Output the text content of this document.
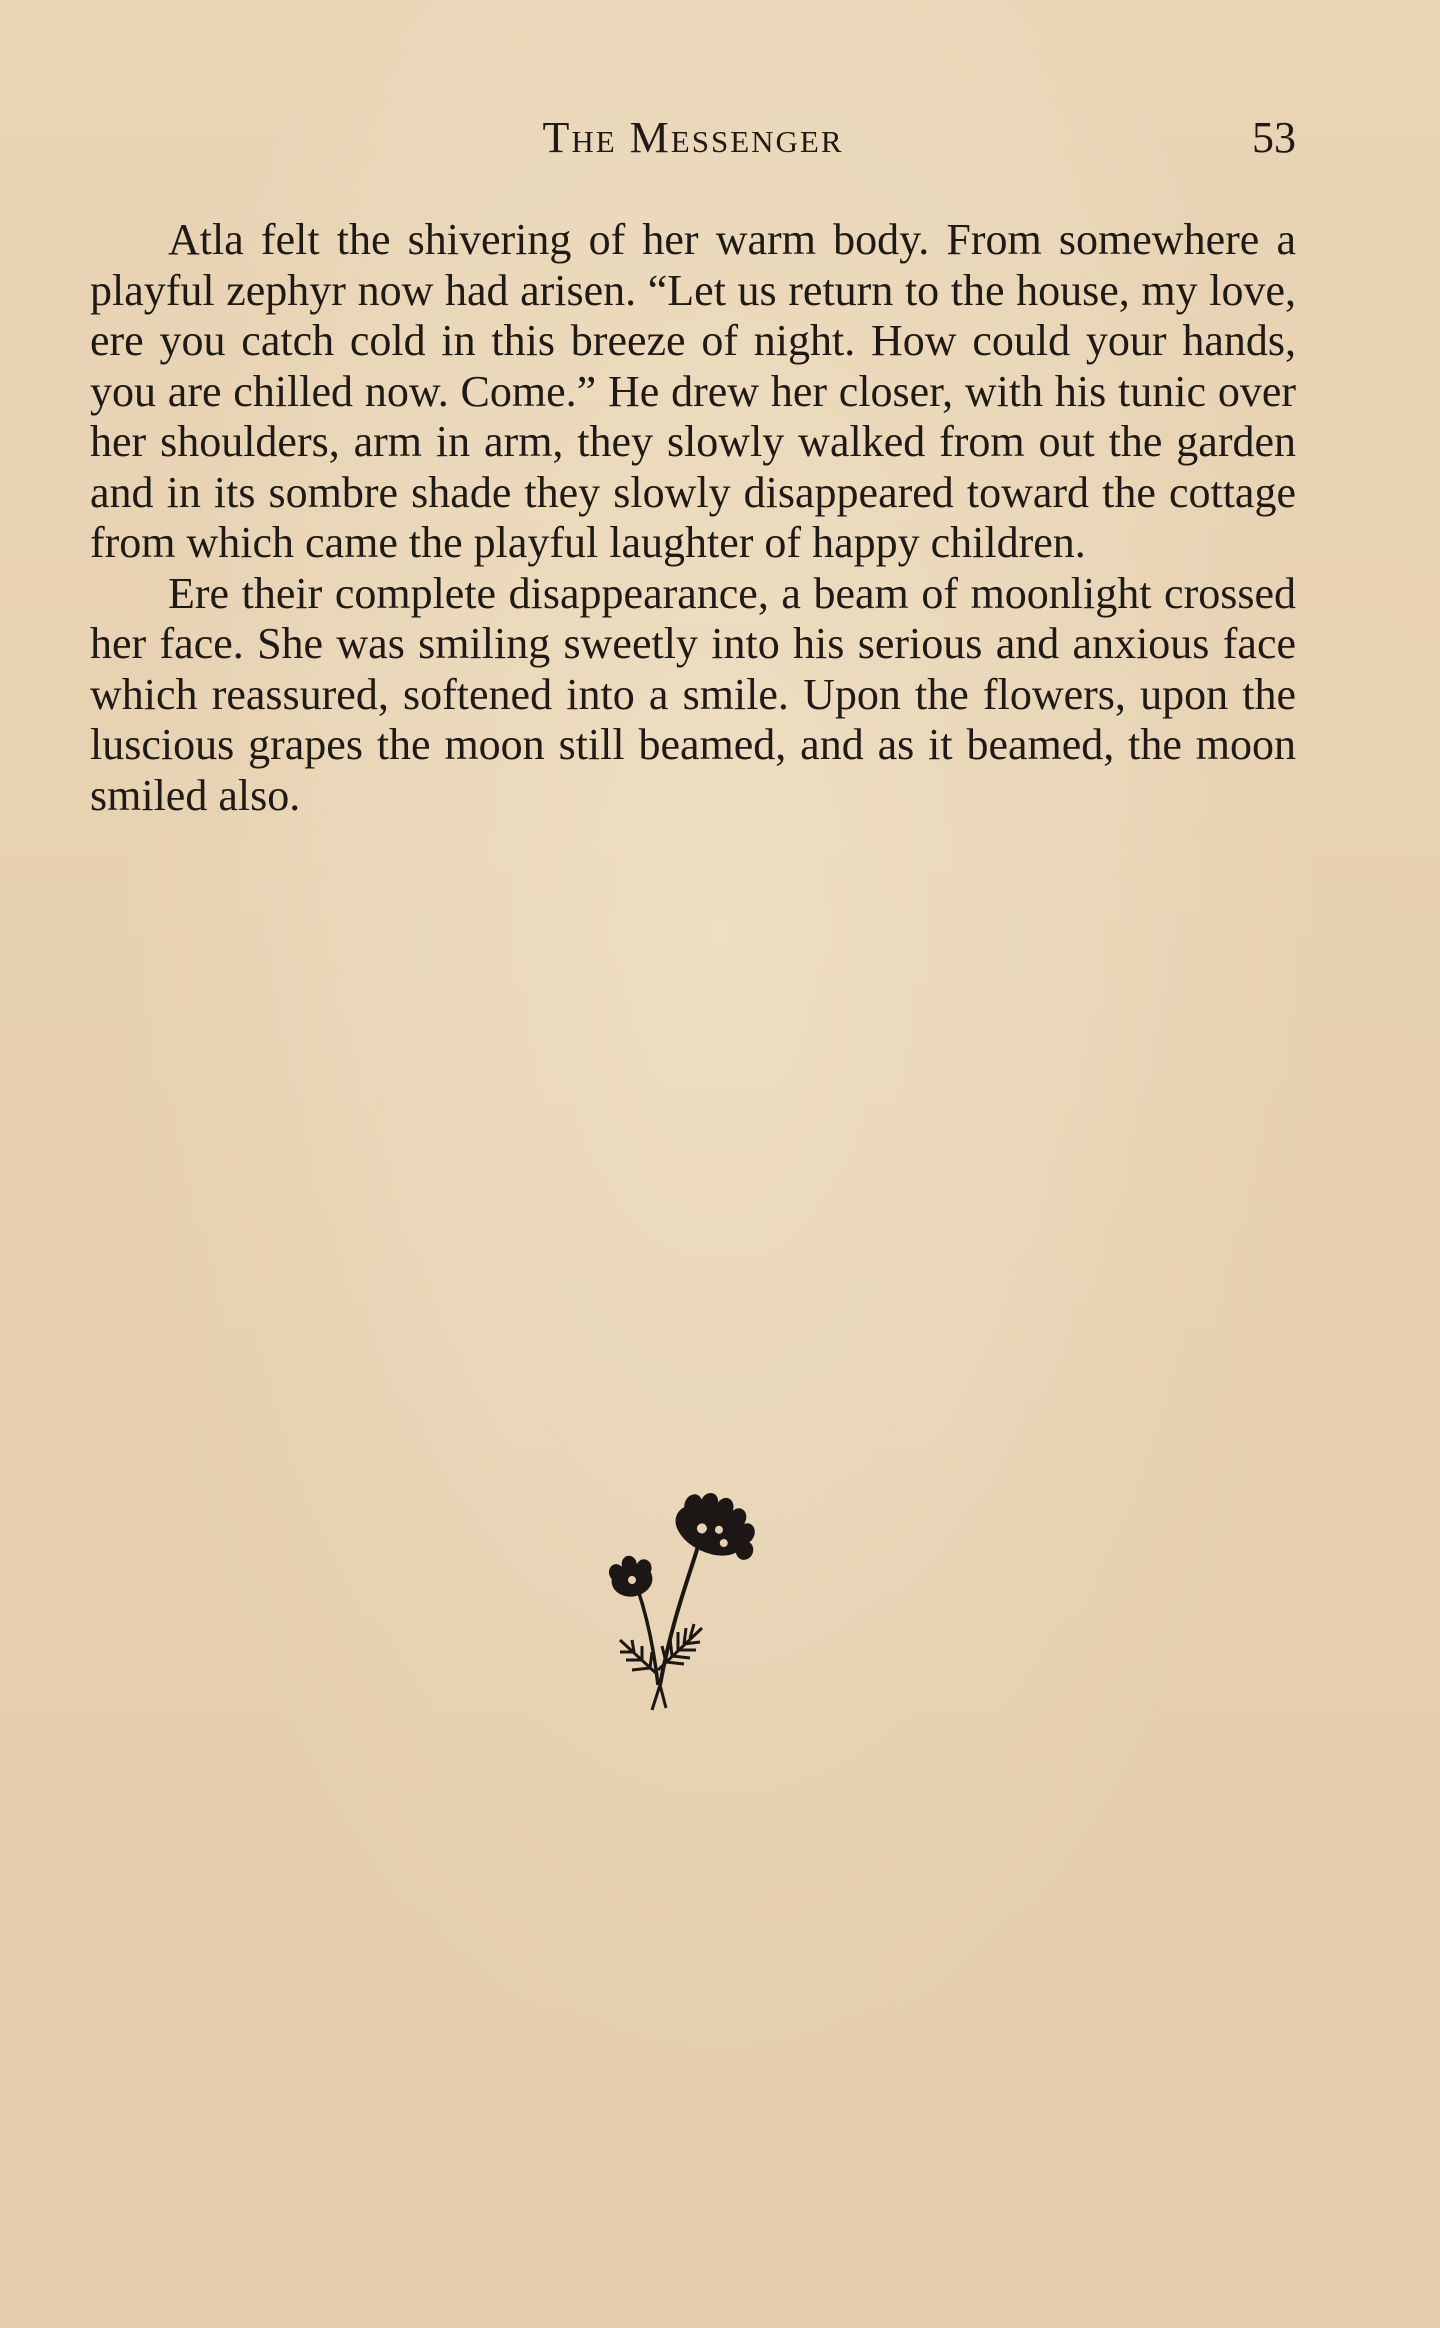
The Messenger	53

Atla felt the shivering of her warm body. From somewhere a playful zephyr now had arisen. “Let us return to the house, my love, ere you catch cold in this breeze of night. How could your hands, you are chilled now. Come.” He drew her closer, with his tunic over her shoulders, arm in arm, they slowly walked from out the garden and in its sombre shade they slowly disappeared toward the cottage from which came the playful laughter of happy children.

Ere their complete disappearance, a beam of moonlight crossed her face. She was smiling sweetly into his serious and anxious face which reassured, softened into a smile. Upon the flowers, upon the luscious grapes the moon still beamed, and as it beamed, the moon smiled also.
